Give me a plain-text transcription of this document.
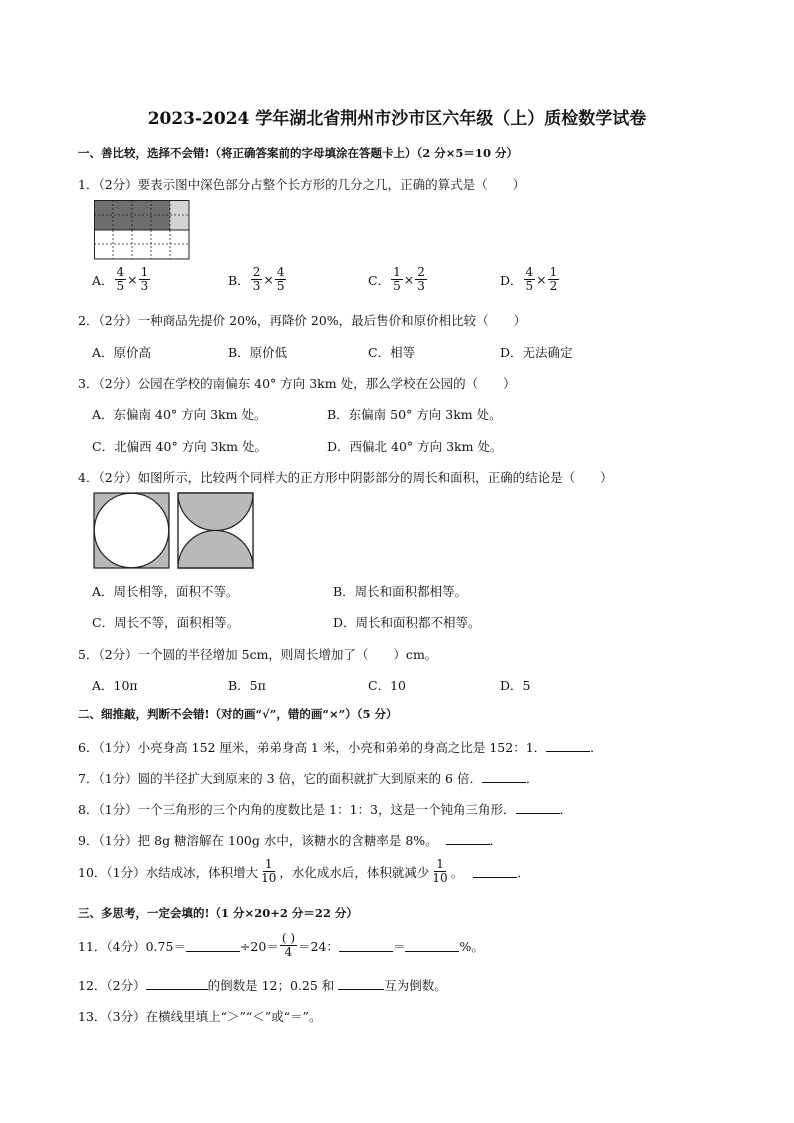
2023-2024 学年湖北省荆州市沙市区六年级（上）质检数学试卷
一、善比较，选择不会错!（将正确答案前的字母填涂在答题卡上）（2 分×5＝10 分）
1．（2分）要表示图中深色部分占整个长方形的几分之几，正确的算式是（　　）
A． $\frac{4}{5} \times \frac{1}{3}$	B． $\frac{2}{3} \times \frac{4}{5}$	C． $\frac{1}{5} \times \frac{2}{3}$	D． $\frac{4}{5} \times \frac{1}{2}$
2．（2分）一种商品先提价 20%，再降价 20%，最后售价和原价相比较（　　）
A．原价高	B．原价低	C．相等	D．无法确定
3．（2分）公园在学校的南偏东 40° 方向 3km 处，那么学校在公园的（　　）
A．东偏南 40° 方向 3km 处。	B．东偏南 50° 方向 3km 处。
C．北偏西 40° 方向 3km 处。	D．西偏北 40° 方向 3km 处。
4．（2分）如图所示，比较两个同样大的正方形中阴影部分的周长和面积，正确的结论是（　　）
A．周长相等，面积不等。	B．周长和面积都相等。
C．周长不等，面积相等。	D．周长和面积都不相等。
5．（2分）一个圆的半径增加 5cm，则周长增加了（　　）cm。
A．10π	B．5π	C．10	D．5
二、细推敲，判断不会错!（对的画“√”，错的画“×”）（5 分）
6．（1分）小亮身高 152 厘米，弟弟身高 1 米，小亮和弟弟的身高之比是 152：1．	．
7．（1分）圆的半径扩大到原来的 3 倍，它的面积就扩大到原来的 6 倍．	．
8．（1分）一个三角形的三个内角的度数比是 1：1：3，这是一个钝角三角形．	．
9．（1分）把 8g 糖溶解在 100g 水中，该糖水的含糖率是 8%。	．
10．（1分）水结成冰，体积增大 $\frac{1}{10}$ ，水化成水后，体积就减少 $\frac{1}{10}$ 。	．
三、多思考，一定会填的!（1 分×20+2 分＝22 分）
11．（4分）0.75＝	$\div 20= \frac{( )}{4} =24$：	＝	%。
12．（2分）	的倒数是 12；0.25 和	互为倒数。
13．（3分）在横线里填上“＞”“＜”或“＝”。
